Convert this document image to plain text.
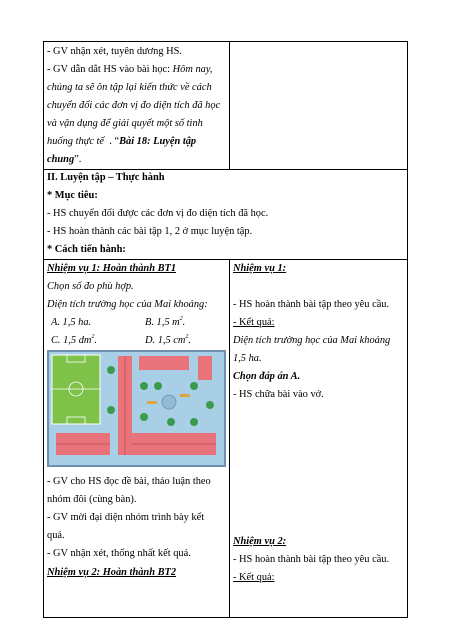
- GV nhận xét, tuyên dương HS.
- GV dẫn dắt HS vào bài học: Hôm nay,
chúng ta sẽ ôn tập lại kiến thức về cách
chuyển đổi các đơn vị đo diện tích đã học
và vận dụng để giải quyết một số tình
huống thực tế . “Bài 18: Luyện tập
chung”.
II. Luyện tập – Thực hành
* Mục tiêu:
- HS chuyển đổi được các đơn vị đo diện tích đã học.
- HS hoàn thành các bài tập 1, 2 ở mục luyện tập.
* Cách tiến hành:
Nhiệm vụ 1: Hoàn thành BT1
Chọn số đo phù hợp.
Diện tích trường học của Mai khoảng:
A. 1,5 ha.	B. 1,5 $m^2$.
C. 1,5 $dm^2$.	D. 1,5 $cm^2$.
- GV cho HS đọc đề bài, thảo luận theo
nhóm đôi (cùng bàn).
- GV mời đại diện nhóm trình bày kết
quả.
- GV nhận xét, thống nhất kết quả.
Nhiệm vụ 2: Hoàn thành BT2
Nhiệm vụ 1:
- HS hoàn thành bài tập theo yêu cầu.
- Kết quả:
Diện tích trường học của Mai khoảng
1,5 ha.
Chọn đáp án A.
- HS chữa bài vào vở.
Nhiệm vụ 2:
- HS hoàn thành bài tập theo yêu cầu.
- Kết quả:
